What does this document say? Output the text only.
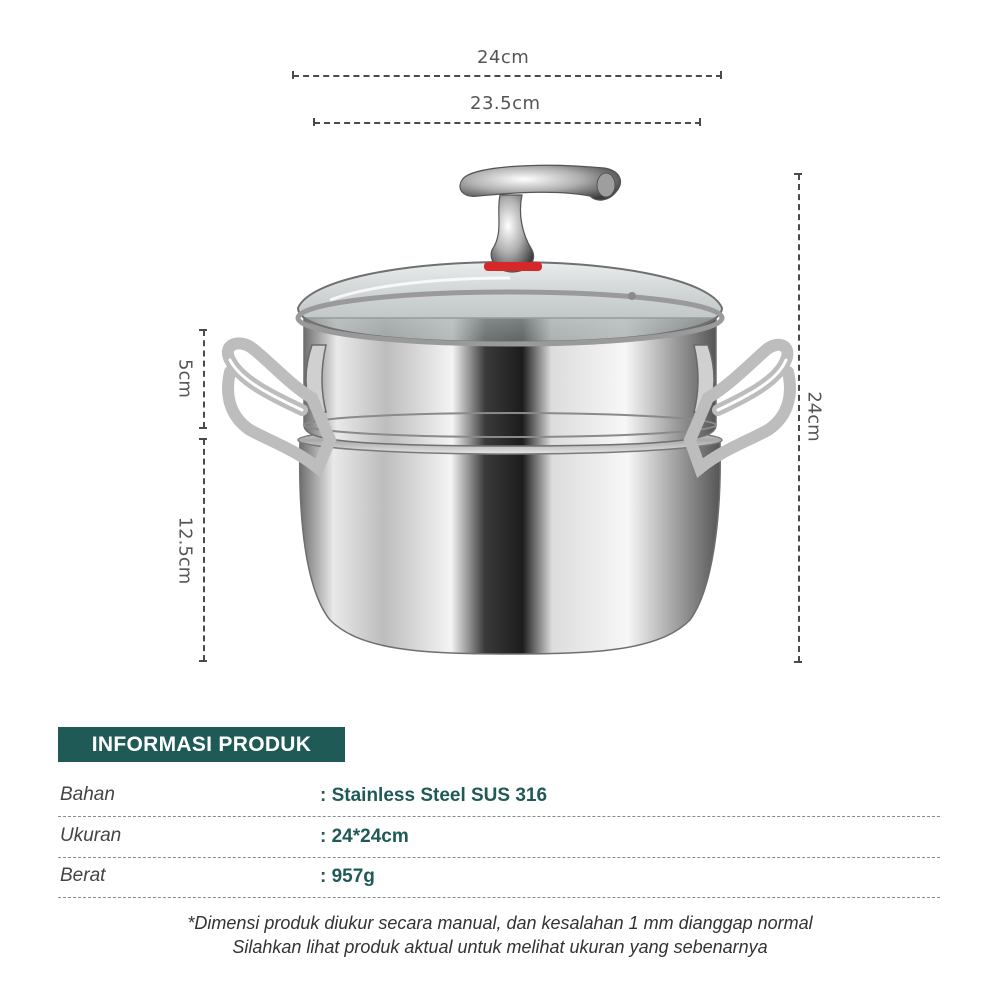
24cm
23.5cm
5cm
12.5cm
24cm
INFORMASI PRODUK
Bahan	: Stainless Steel SUS 316
Ukuran	: 24*24cm
Berat	: 957g
*Dimensi produk diukur secara manual, dan kesalahan 1 mm dianggap normal
Silahkan lihat produk aktual untuk melihat ukuran yang sebenarnya
